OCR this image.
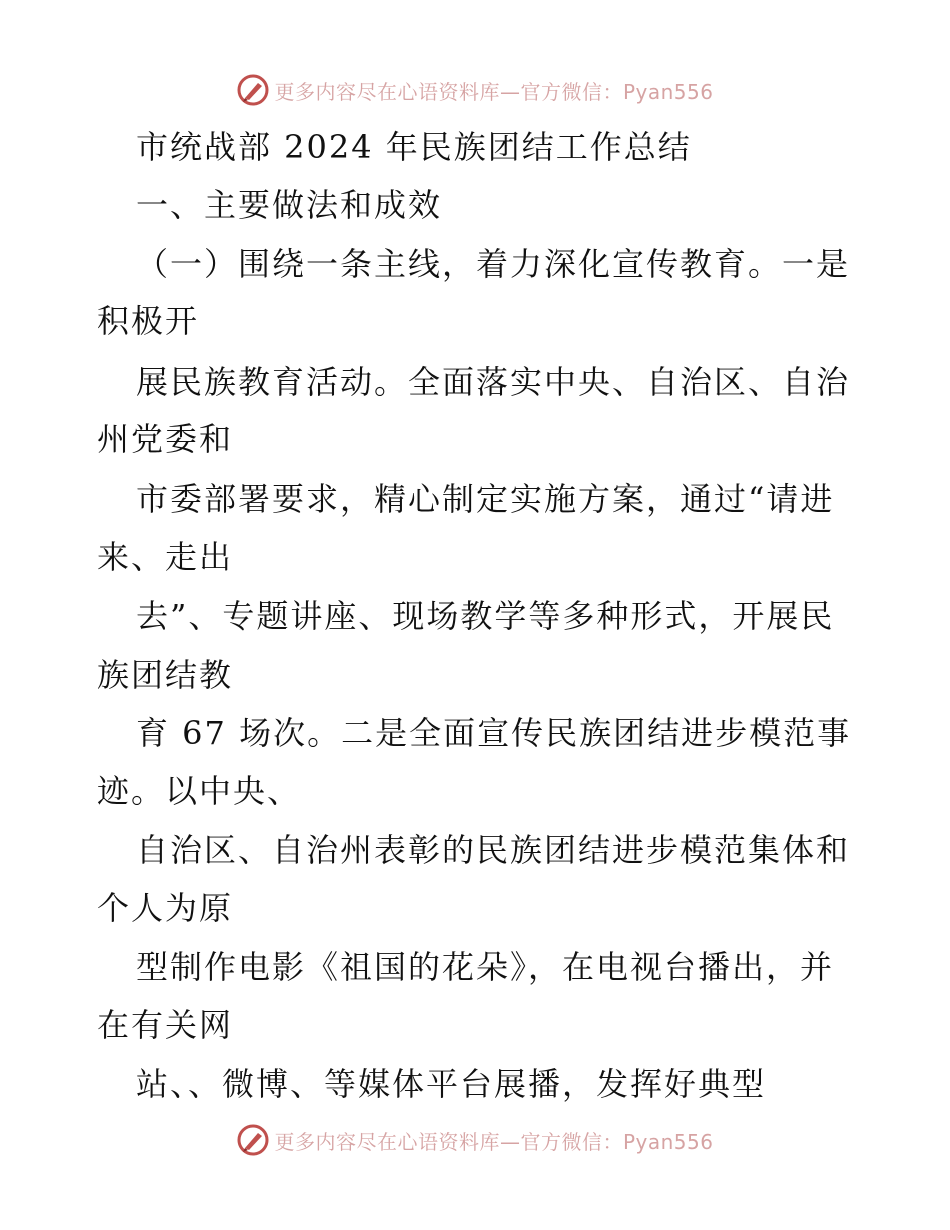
更多内容尽在心语资料库—官方微信：Pyan556
市统战部 2024 年民族团结工作总结
一、主要做法和成效
（一）围绕一条主线，着力深化宣传教育。一是
积极开
展民族教育活动。全面落实中央、自治区、自治
州党委和
市委部署要求，精心制定实施方案，通过“请进
来、走出
去”、专题讲座、现场教学等多种形式，开展民
族团结教
育 67 场次。二是全面宣传民族团结进步模范事
迹。以中央、
自治区、自治州表彰的民族团结进步模范集体和
个人为原
型制作电影《祖国的花朵》，在电视台播出，并
在有关网
站、、微博、等媒体平台展播，发挥好典型
更多内容尽在心语资料库—官方微信：Pyan556
